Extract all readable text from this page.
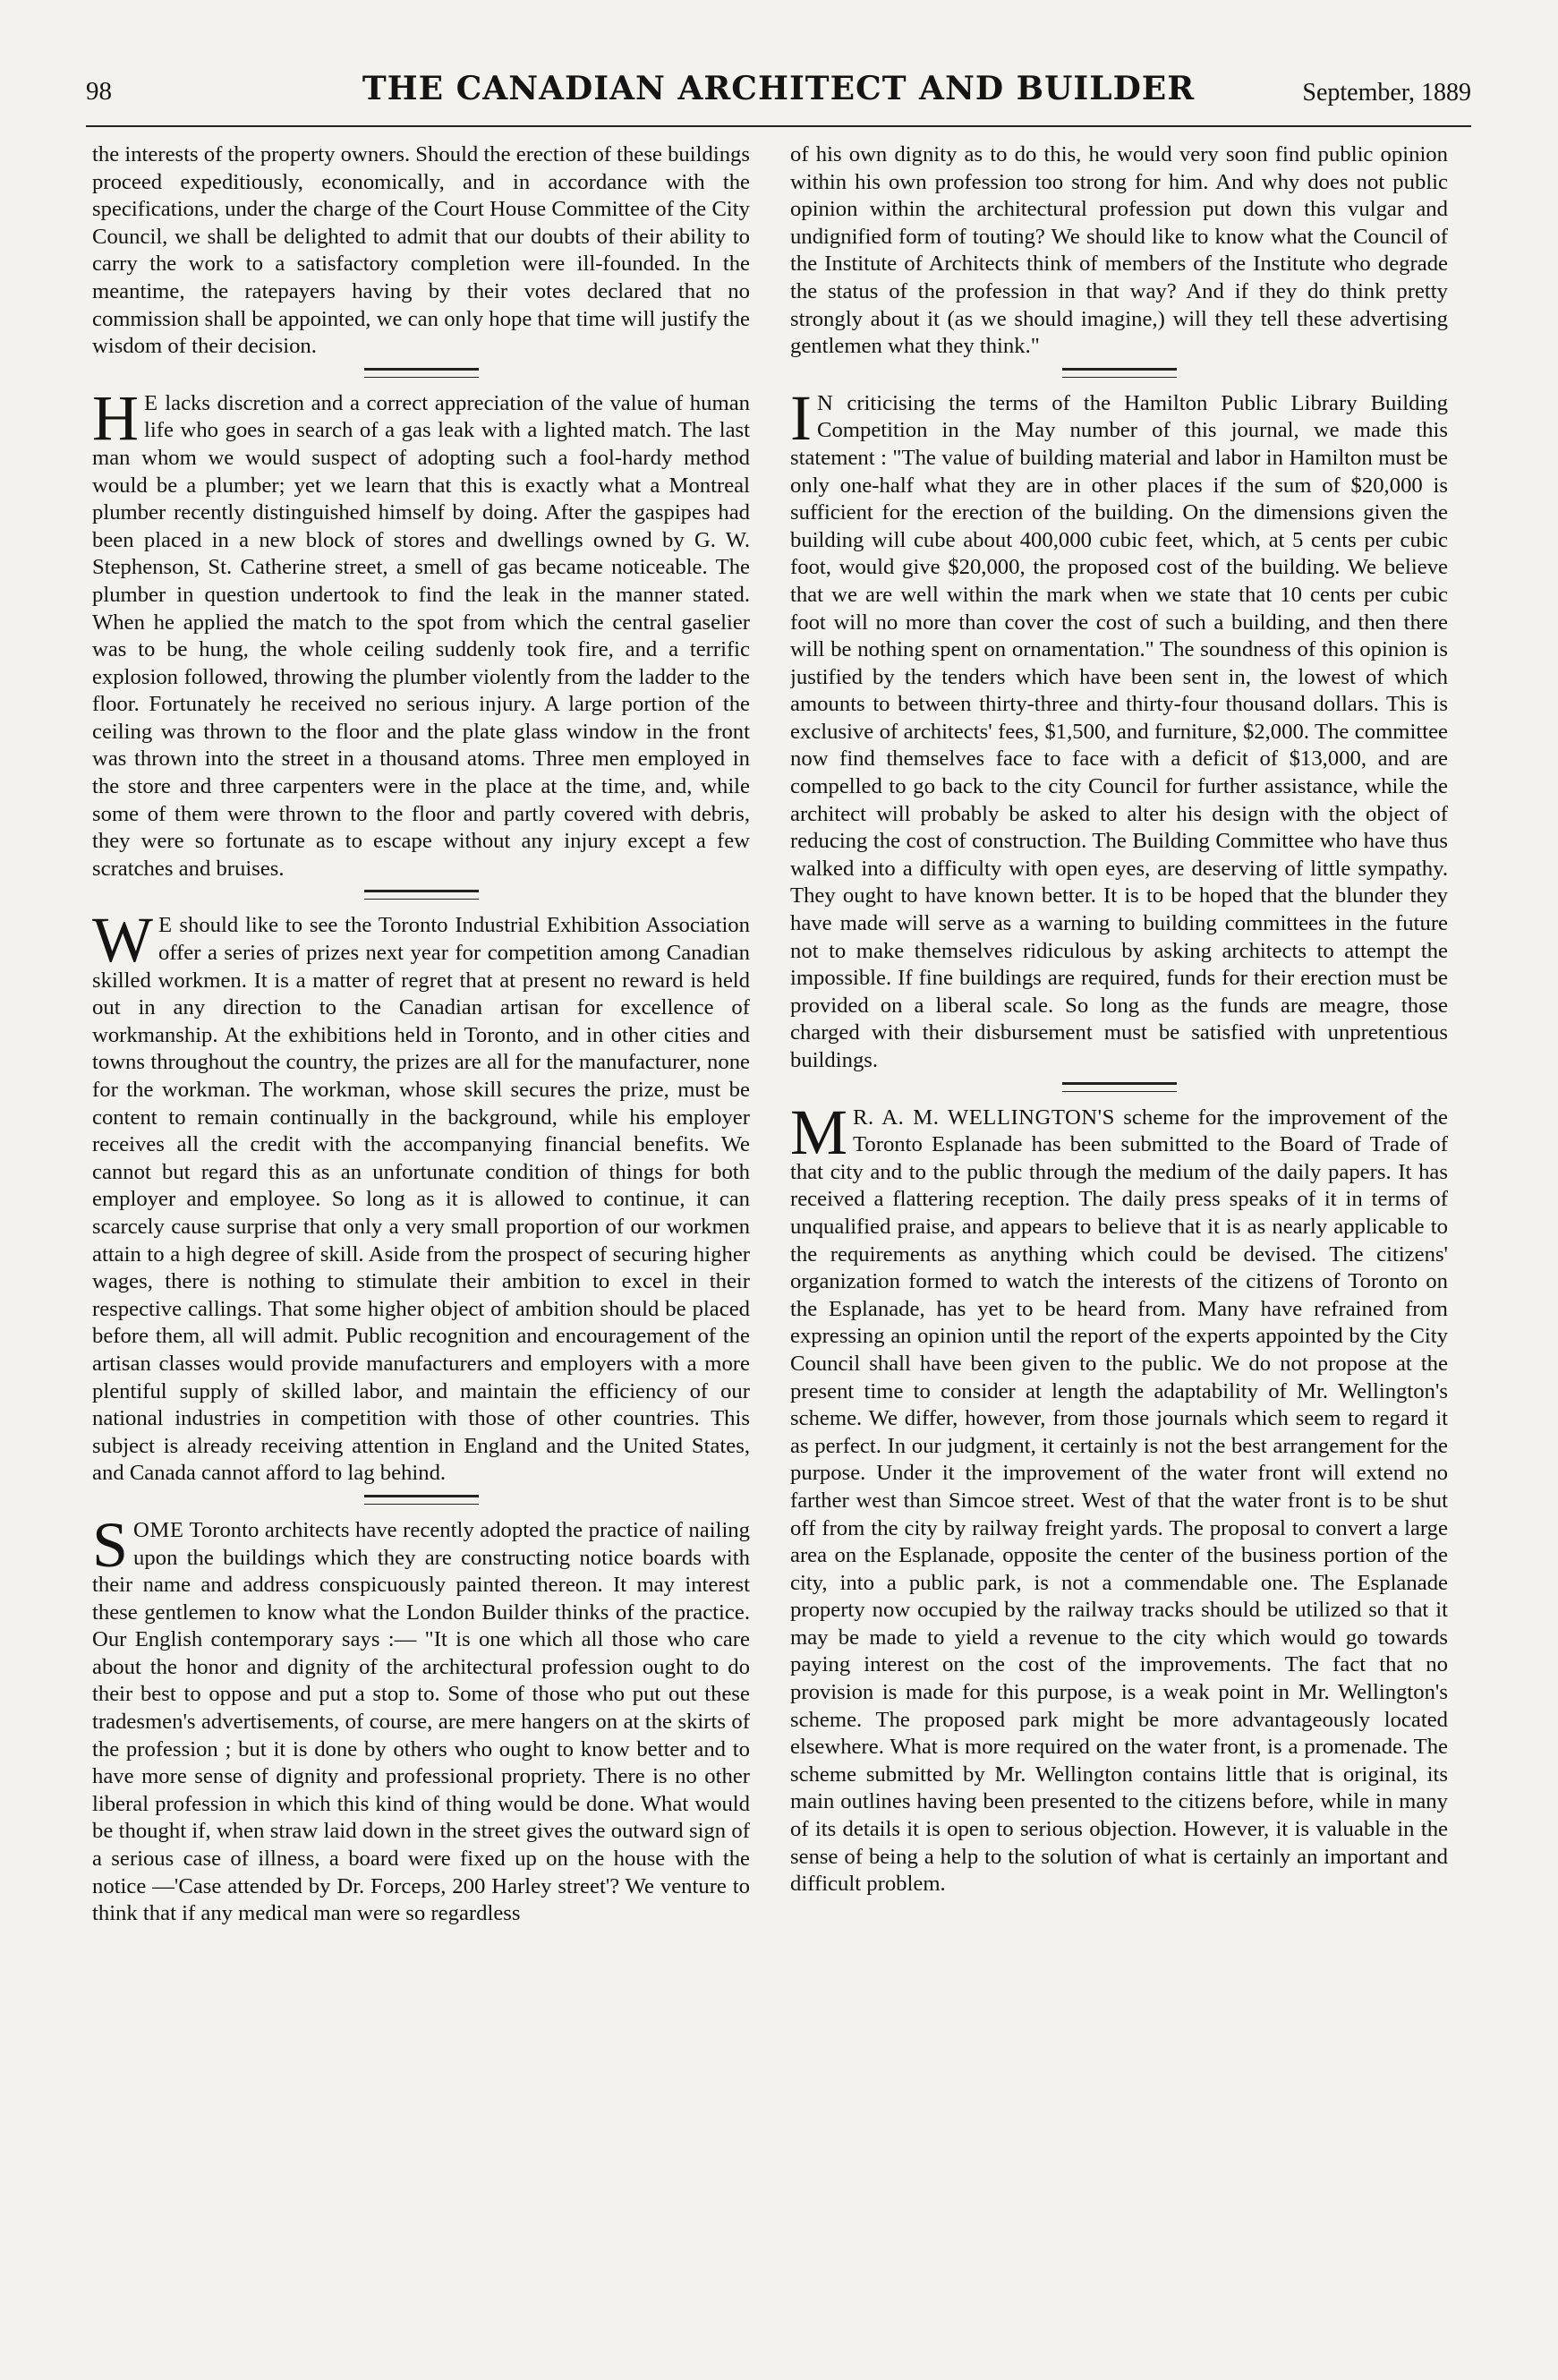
98	THE CANADIAN ARCHITECT AND BUILDER	September, 1889

the interests of the property owners. Should the erection of these buildings proceed expeditiously, economically, and in accordance with the specifications, under the charge of the Court House Committee of the City Council, we shall be delighted to admit that our doubts of their ability to carry the work to a satisfactory completion were ill-founded. In the meantime, the ratepayers having by their votes declared that no commission shall be appointed, we can only hope that time will justify the wisdom of their decision.

H E lacks discretion and a correct appreciation of the value of human life who goes in search of a gas leak with a lighted match. The last man whom we would suspect of adopting such a fool-hardy method would be a plumber; yet we learn that this is exactly what a Montreal plumber recently distinguished himself by doing. After the gaspipes had been placed in a new block of stores and dwellings owned by G. W. Stephenson, St. Catherine street, a smell of gas became noticeable. The plumber in question undertook to find the leak in the manner stated. When he applied the match to the spot from which the central gaselier was to be hung, the whole ceiling suddenly took fire, and a terrific explosion followed, throwing the plumber violently from the ladder to the floor. Fortunately he received no serious injury. A large portion of the ceiling was thrown to the floor and the plate glass window in the front was thrown into the street in a thousand atoms. Three men employed in the store and three carpenters were in the place at the time, and, while some of them were thrown to the floor and partly covered with debris, they were so fortunate as to escape without any injury except a few scratches and bruises.

W E should like to see the Toronto Industrial Exhibition Association offer a series of prizes next year for competition among Canadian skilled workmen. It is a matter of regret that at present no reward is held out in any direction to the Canadian artisan for excellence of workmanship. At the exhibitions held in Toronto, and in other cities and towns throughout the country, the prizes are all for the manufacturer, none for the workman. The workman, whose skill secures the prize, must be content to remain continually in the background, while his employer receives all the credit with the accompanying financial benefits. We cannot but regard this as an unfortunate condition of things for both employer and employee. So long as it is allowed to continue, it can scarcely cause surprise that only a very small proportion of our workmen attain to a high degree of skill. Aside from the prospect of securing higher wages, there is nothing to stimulate their ambition to excel in their respective callings. That some higher object of ambition should be placed before them, all will admit. Public recognition and encouragement of the artisan classes would provide manufacturers and employers with a more plentiful supply of skilled labor, and maintain the efficiency of our national industries in competition with those of other countries. This subject is already receiving attention in England and the United States, and Canada cannot afford to lag behind.

S OME Toronto architects have recently adopted the practice of nailing upon the buildings which they are constructing notice boards with their name and address conspicuously painted thereon. It may interest these gentlemen to know what the London Builder thinks of the practice. Our English contemporary says :— "It is one which all those who care about the honor and dignity of the architectural profession ought to do their best to oppose and put a stop to. Some of those who put out these tradesmen's advertisements, of course, are mere hangers on at the skirts of the profession ; but it is done by others who ought to know better and to have more sense of dignity and professional propriety. There is no other liberal profession in which this kind of thing would be done. What would be thought if, when straw laid down in the street gives the outward sign of a serious case of illness, a board were fixed up on the house with the notice —'Case attended by Dr. Forceps, 200 Harley street'? We venture to think that if any medical man were so regardless

of his own dignity as to do this, he would very soon find public opinion within his own profession too strong for him. And why does not public opinion within the architectural profession put down this vulgar and undignified form of touting? We should like to know what the Council of the Institute of Architects think of members of the Institute who degrade the status of the profession in that way? And if they do think pretty strongly about it (as we should imagine,) will they tell these advertising gentlemen what they think."

I N criticising the terms of the Hamilton Public Library Building Competition in the May number of this journal, we made this statement : "The value of building material and labor in Hamilton must be only one-half what they are in other places if the sum of $20,000 is sufficient for the erection of the building. On the dimensions given the building will cube about 400,000 cubic feet, which, at 5 cents per cubic foot, would give $20,000, the proposed cost of the building. We believe that we are well within the mark when we state that 10 cents per cubic foot will no more than cover the cost of such a building, and then there will be nothing spent on ornamentation." The soundness of this opinion is justified by the tenders which have been sent in, the lowest of which amounts to between thirty-three and thirty-four thousand dollars. This is exclusive of architects' fees, $1,500, and furniture, $2,000. The committee now find themselves face to face with a deficit of $13,000, and are compelled to go back to the city Council for further assistance, while the architect will probably be asked to alter his design with the object of reducing the cost of construction. The Building Committee who have thus walked into a difficulty with open eyes, are deserving of little sympathy. They ought to have known better. It is to be hoped that the blunder they have made will serve as a warning to building committees in the future not to make themselves ridiculous by asking architects to attempt the impossible. If fine buildings are required, funds for their erection must be provided on a liberal scale. So long as the funds are meagre, those charged with their disbursement must be satisfied with unpretentious buildings.

M R. A. M. WELLINGTON'S scheme for the improvement of the Toronto Esplanade has been submitted to the Board of Trade of that city and to the public through the medium of the daily papers. It has received a flattering reception. The daily press speaks of it in terms of unqualified praise, and appears to believe that it is as nearly applicable to the requirements as anything which could be devised. The citizens' organization formed to watch the interests of the citizens of Toronto on the Esplanade, has yet to be heard from. Many have refrained from expressing an opinion until the report of the experts appointed by the City Council shall have been given to the public. We do not propose at the present time to consider at length the adaptability of Mr. Wellington's scheme. We differ, however, from those journals which seem to regard it as perfect. In our judgment, it certainly is not the best arrangement for the purpose. Under it the improvement of the water front will extend no farther west than Simcoe street. West of that the water front is to be shut off from the city by railway freight yards. The proposal to convert a large area on the Esplanade, opposite the center of the business portion of the city, into a public park, is not a commendable one. The Esplanade property now occupied by the railway tracks should be utilized so that it may be made to yield a revenue to the city which would go towards paying interest on the cost of the improvements. The fact that no provision is made for this purpose, is a weak point in Mr. Wellington's scheme. The proposed park might be more advantageously located elsewhere. What is more required on the water front, is a promenade. The scheme submitted by Mr. Wellington contains little that is original, its main outlines having been presented to the citizens before, while in many of its details it is open to serious objection. However, it is valuable in the sense of being a help to the solution of what is certainly an important and difficult problem.
